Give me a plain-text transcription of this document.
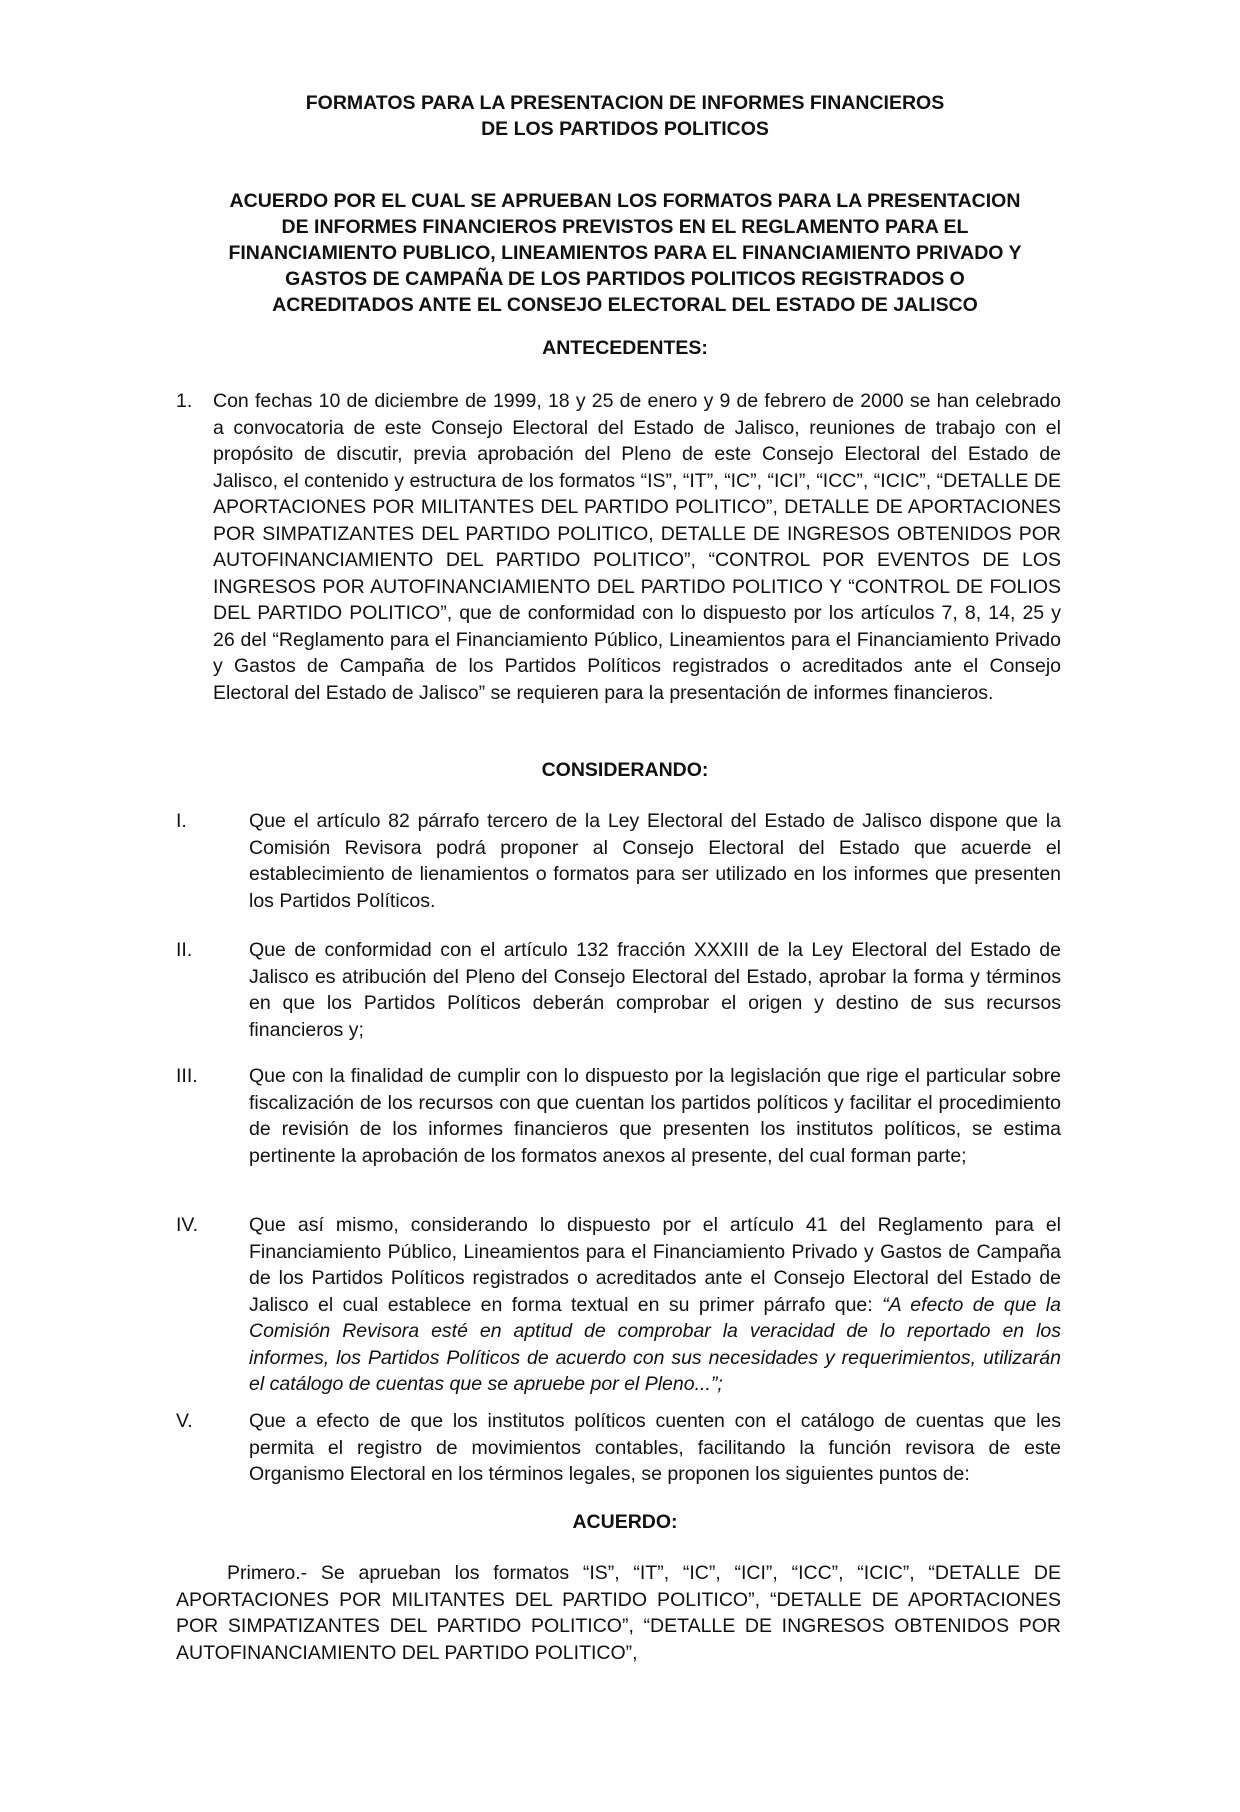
FORMATOS PARA LA PRESENTACION DE INFORMES FINANCIEROS
DE LOS PARTIDOS POLITICOS
ACUERDO POR EL CUAL SE APRUEBAN LOS FORMATOS PARA LA PRESENTACION
DE INFORMES FINANCIEROS PREVISTOS EN EL REGLAMENTO PARA EL
FINANCIAMIENTO PUBLICO, LINEAMIENTOS PARA EL FINANCIAMIENTO PRIVADO Y
GASTOS DE CAMPAÑA DE LOS PARTIDOS POLITICOS REGISTRADOS O
ACREDITADOS ANTE EL CONSEJO ELECTORAL DEL ESTADO DE JALISCO
ANTECEDENTES:
1. Con fechas 10 de diciembre de 1999, 18 y 25 de enero y 9 de febrero de 2000 se han celebrado a convocatoria de este Consejo Electoral del Estado de Jalisco, reuniones de trabajo con el propósito de discutir, previa aprobación del Pleno de este Consejo Electoral del Estado de Jalisco, el contenido y estructura de los formatos “IS”, “IT”, “IC”, “ICI”, “ICC”, “ICIC”, “DETALLE DE APORTACIONES POR MILITANTES DEL PARTIDO POLITICO”, DETALLE DE APORTACIONES POR SIMPATIZANTES DEL PARTIDO POLITICO, DETALLE DE INGRESOS OBTENIDOS POR AUTOFINANCIAMIENTO DEL PARTIDO POLITICO”, “CONTROL POR EVENTOS DE LOS INGRESOS POR AUTOFINANCIAMIENTO DEL PARTIDO POLITICO Y “CONTROL DE FOLIOS DEL PARTIDO POLITICO”, que de conformidad con lo dispuesto por los artículos 7, 8, 14, 25 y 26 del “Reglamento para el Financiamiento Público, Lineamientos para el Financiamiento Privado y Gastos de Campaña de los Partidos Políticos registrados o acreditados ante el Consejo Electoral del Estado de Jalisco” se requieren para la presentación de informes financieros.
CONSIDERANDO:
I.	Que el artículo 82 párrafo tercero de la Ley Electoral del Estado de Jalisco dispone que la Comisión Revisora podrá proponer al Consejo Electoral del Estado que acuerde el establecimiento de lienamientos o formatos para ser utilizado en los informes que presenten los Partidos Políticos.
II.	Que de conformidad con el artículo 132 fracción XXXIII de la Ley Electoral del Estado de Jalisco es atribución del Pleno del Consejo Electoral del Estado, aprobar la forma y términos en que los Partidos Políticos deberán comprobar el origen y destino de sus recursos financieros y;
III.	Que con la finalidad de cumplir con lo dispuesto por la legislación que rige el particular sobre fiscalización de los recursos con que cuentan los partidos políticos y facilitar el procedimiento de revisión de los informes financieros que presenten los institutos políticos, se estima pertinente la aprobación de los formatos anexos al presente, del cual forman parte;
IV.	Que así mismo, considerando lo dispuesto por el artículo 41 del Reglamento para el Financiamiento Público, Lineamientos para el Financiamiento Privado y Gastos de Campaña de los Partidos Políticos registrados o acreditados ante el Consejo Electoral del Estado de Jalisco el cual establece en forma textual en su primer párrafo que: “A efecto de que la Comisión Revisora esté en aptitud de comprobar la veracidad de lo reportado en los informes, los Partidos Políticos de acuerdo con sus necesidades y requerimientos, utilizarán el catálogo de cuentas que se apruebe por el Pleno...”;
V.	Que a efecto de que los institutos políticos cuenten con el catálogo de cuentas que les permita el registro de movimientos contables, facilitando la función revisora de este Organismo Electoral en los términos legales, se proponen los siguientes puntos de:
ACUERDO:
Primero.- Se aprueban los formatos “IS”, “IT”, “IC”, “ICI”, “ICC”, “ICIC”, “DETALLE DE APORTACIONES POR MILITANTES DEL PARTIDO POLITICO”, “DETALLE DE APORTACIONES POR SIMPATIZANTES DEL PARTIDO POLITICO”, “DETALLE DE INGRESOS OBTENIDOS POR AUTOFINANCIAMIENTO DEL PARTIDO POLITICO”,
